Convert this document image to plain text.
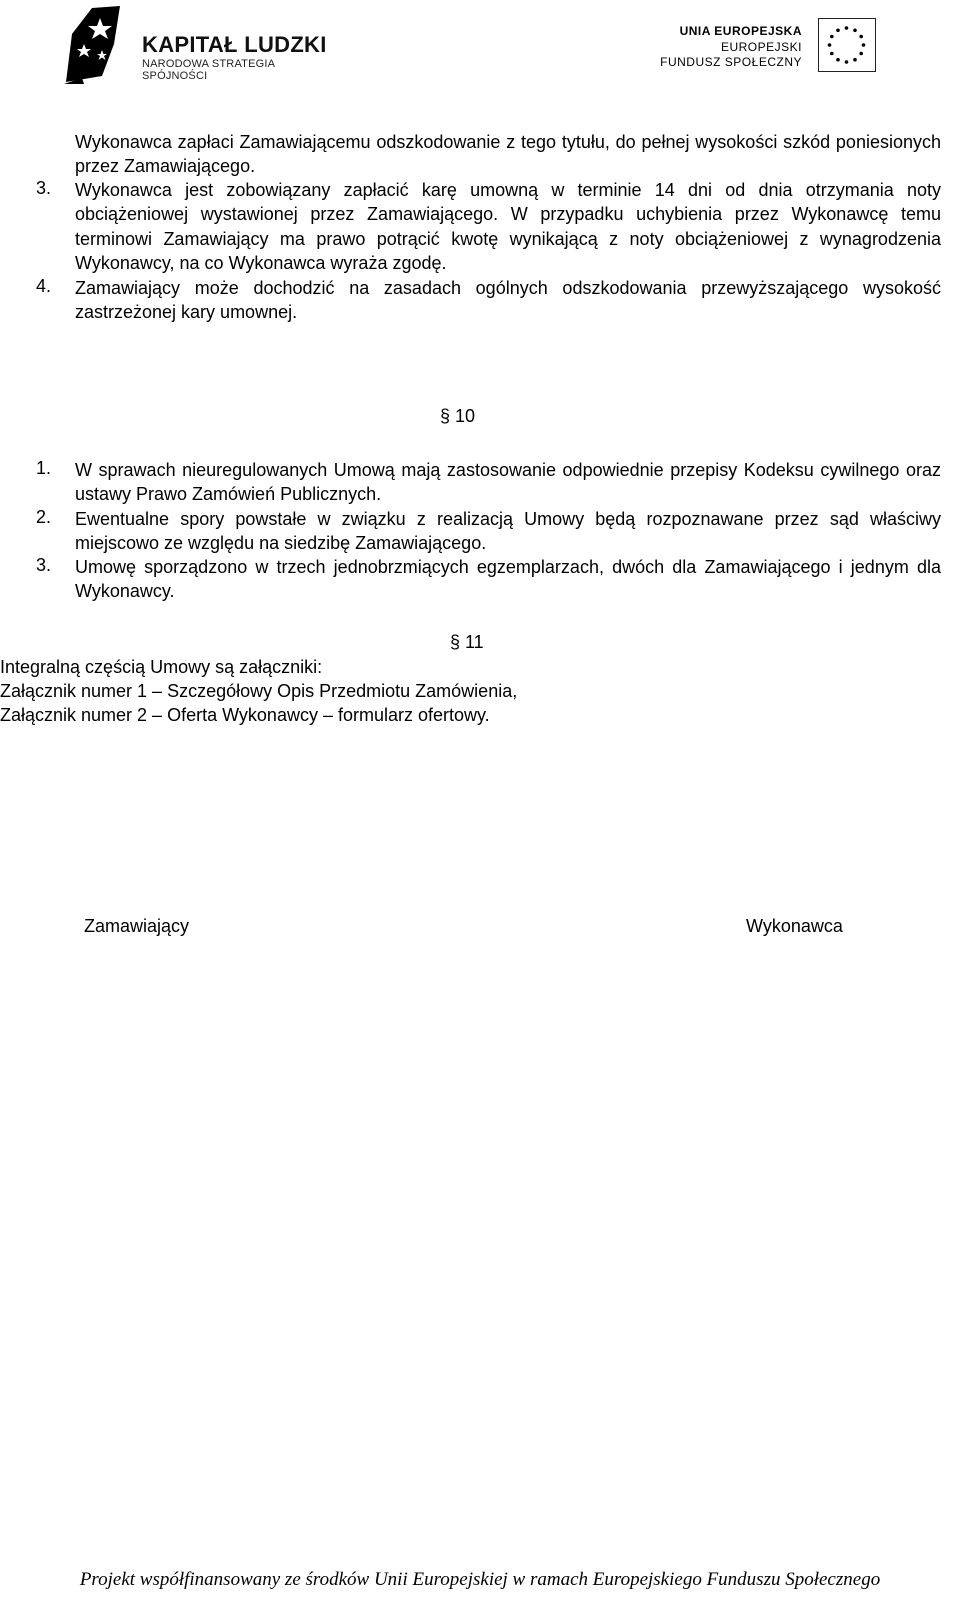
KAPITAŁ LUDZKI
NARODOWA STRATEGIA SPÓJNOŚCI
UNIA EUROPEJSKA
EUROPEJSKI
FUNDUSZ SPOŁECZNY
Wykonawca zapłaci Zamawiającemu odszkodowanie z tego tytułu, do pełnej wysokości szkód poniesionych przez Zamawiającego.
3. Wykonawca jest zobowiązany zapłacić karę umowną w terminie 14 dni od dnia otrzymania noty obciążeniowej wystawionej przez Zamawiającego. W przypadku uchybienia przez Wykonawcę temu terminowi Zamawiający ma prawo potrącić kwotę wynikającą z noty obciążeniowej z wynagrodzenia Wykonawcy, na co Wykonawca wyraża zgodę.
4. Zamawiający może dochodzić na zasadach ogólnych odszkodowania przewyższającego wysokość zastrzeżonej kary umownej.
§ 10
1. W sprawach nieuregulowanych Umową mają zastosowanie odpowiednie przepisy Kodeksu cywilnego oraz ustawy Prawo Zamówień Publicznych.
2. Ewentualne spory powstałe w związku z realizacją Umowy będą rozpoznawane przez sąd właściwy miejscowo ze względu na siedzibę Zamawiającego.
3. Umowę sporządzono w trzech jednobrzmiących egzemplarzach, dwóch dla Zamawiającego i jednym dla Wykonawcy.
§ 11
Integralną częścią Umowy są załączniki:
Załącznik numer 1 – Szczegółowy Opis Przedmiotu Zamówienia,
Załącznik numer 2 – Oferta Wykonawcy – formularz ofertowy.
Zamawiający	Wykonawca
Projekt współfinansowany ze środków Unii Europejskiej w ramach Europejskiego Funduszu Społecznego
